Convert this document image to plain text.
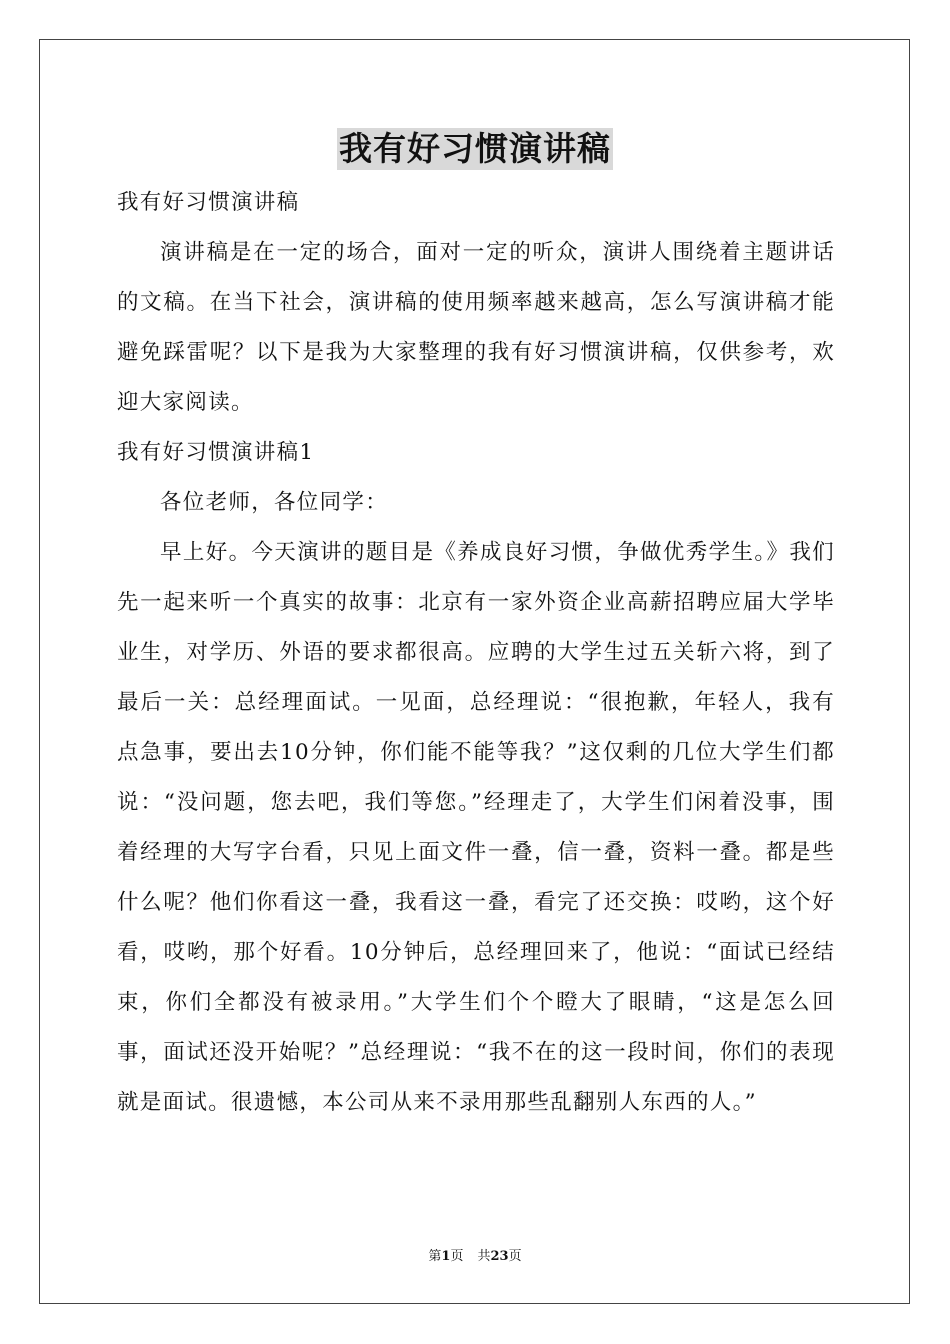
我有好习惯演讲稿

我有好习惯演讲稿

演讲稿是在一定的场合，面对一定的听众，演讲人围绕着主题讲话的文稿。在当下社会，演讲稿的使用频率越来越高，怎么写演讲稿才能避免踩雷呢？以下是我为大家整理的我有好习惯演讲稿，仅供参考，欢迎大家阅读。

我有好习惯演讲稿1

各位老师，各位同学：

早上好。今天演讲的题目是《养成良好习惯，争做优秀学生。》我们先一起来听一个真实的故事：北京有一家外资企业高薪招聘应届大学毕业生，对学历、外语的要求都很高。应聘的大学生过五关斩六将，到了最后一关：总经理面试。一见面，总经理说：“很抱歉，年轻人，我有点急事，要出去10分钟，你们能不能等我？”这仅剩的几位大学生们都说：“没问题，您去吧，我们等您。”经理走了，大学生们闲着没事，围着经理的大写字台看，只见上面文件一叠，信一叠，资料一叠。都是些什么呢？他们你看这一叠，我看这一叠，看完了还交换：哎哟，这个好看，哎哟，那个好看。10分钟后，总经理回来了，他说：“面试已经结束，你们全都没有被录用。”大学生们个个瞪大了眼睛，“这是怎么回事，面试还没开始呢？”总经理说：“我不在的这一段时间，你们的表现就是面试。很遗憾，本公司从来不录用那些乱翻别人东西的人。”

第1页 共23页
